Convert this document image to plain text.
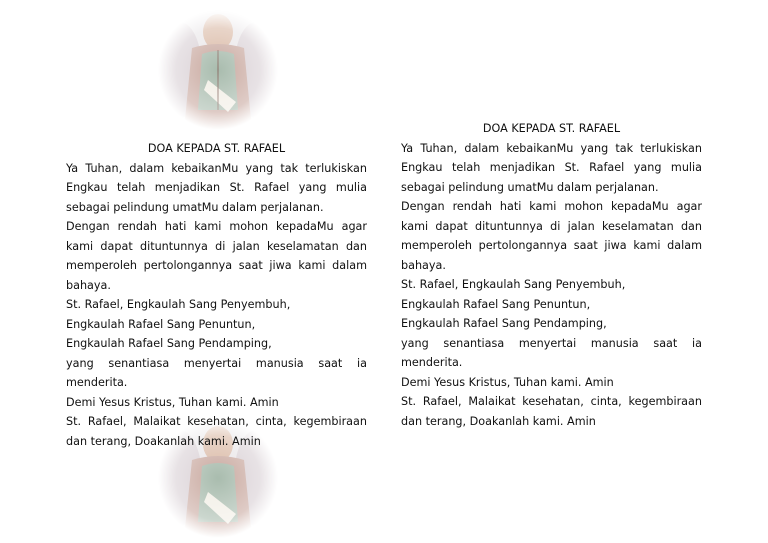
DOA KEPADA ST. RAFAEL

Ya Tuhan, dalam kebaikanMu yang tak terlukiskan Engkau telah menjadikan St. Rafael yang mulia sebagai pelindung umatMu dalam perjalanan.

Dengan rendah hati kami mohon kepadaMu agar kami dapat dituntunnya di jalan keselamatan dan memperoleh pertolongannya saat jiwa kami dalam bahaya.

St. Rafael, Engkaulah Sang Penyembuh,

Engkaulah Rafael Sang Penuntun,

Engkaulah Rafael Sang Pendamping,

yang senantiasa menyertai manusia saat ia menderita.

Demi Yesus Kristus, Tuhan kami. Amin

St. Rafael, Malaikat kesehatan, cinta, kegembiraan dan terang, Doakanlah kami. Amin

DOA KEPADA ST. RAFAEL

Ya Tuhan, dalam kebaikanMu yang tak terlukiskan Engkau telah menjadikan St. Rafael yang mulia sebagai pelindung umatMu dalam perjalanan.

Dengan rendah hati kami mohon kepadaMu agar kami dapat dituntunnya di jalan keselamatan dan memperoleh pertolongannya saat jiwa kami dalam bahaya.

St. Rafael, Engkaulah Sang Penyembuh,

Engkaulah Rafael Sang Penuntun,

Engkaulah Rafael Sang Pendamping,

yang senantiasa menyertai manusia saat ia menderita.

Demi Yesus Kristus, Tuhan kami. Amin

St. Rafael, Malaikat kesehatan, cinta, kegembiraan dan terang, Doakanlah kami. Amin
